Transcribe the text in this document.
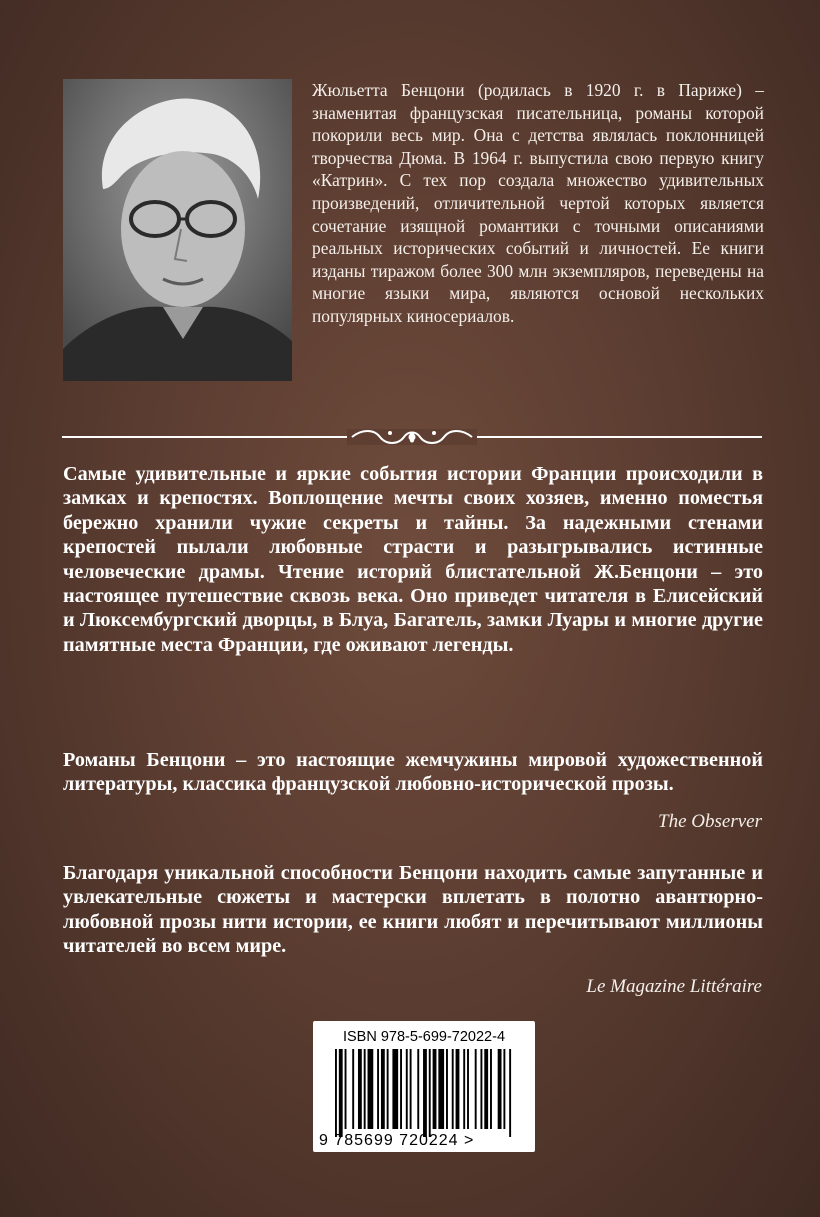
Жюльетта Бенцони (родилась в 1920 г. в Париже) – знаменитая французская писательница, романы которой покорили весь мир. Она с детства являлась поклонницей творчества Дюма. В 1964 г. выпустила свою первую книгу «Катрин». С тех пор создала множество удивительных произведений, отличительной чертой которых является сочетание изящной романтики с точными описаниями реальных исторических событий и личностей. Ее книги изданы тиражом более 300 млн экземпляров, переведены на многие языки мира, являются основой нескольких популярных киносериалов.

Самые удивительные и яркие события истории Франции происходили в замках и крепостях. Воплощение мечты своих хозяев, именно поместья бережно хранили чужие секреты и тайны. За надежными стенами крепостей пылали любовные страсти и разыгрывались истинные человеческие драмы. Чтение историй блистательной Ж.Бенцони – это настоящее путешествие сквозь века. Оно приведет читателя в Елисейский и Люксембургский дворцы, в Блуа, Багатель, замки Луары и многие другие памятные места Франции, где оживают легенды.

Романы Бенцони – это настоящие жемчужины мировой художественной литературы, классика французской любовно-исторической прозы.

The Observer

Благодаря уникальной способности Бенцони находить самые запутанные и увлекательные сюжеты и мастерски вплетать в полотно авантюрно-любовной прозы нити истории, ее книги любят и перечитывают миллионы читателей во всем мире.

Le Magazine Littéraire

ISBN 978-5-699-72022-4
9 785699 720224 >
